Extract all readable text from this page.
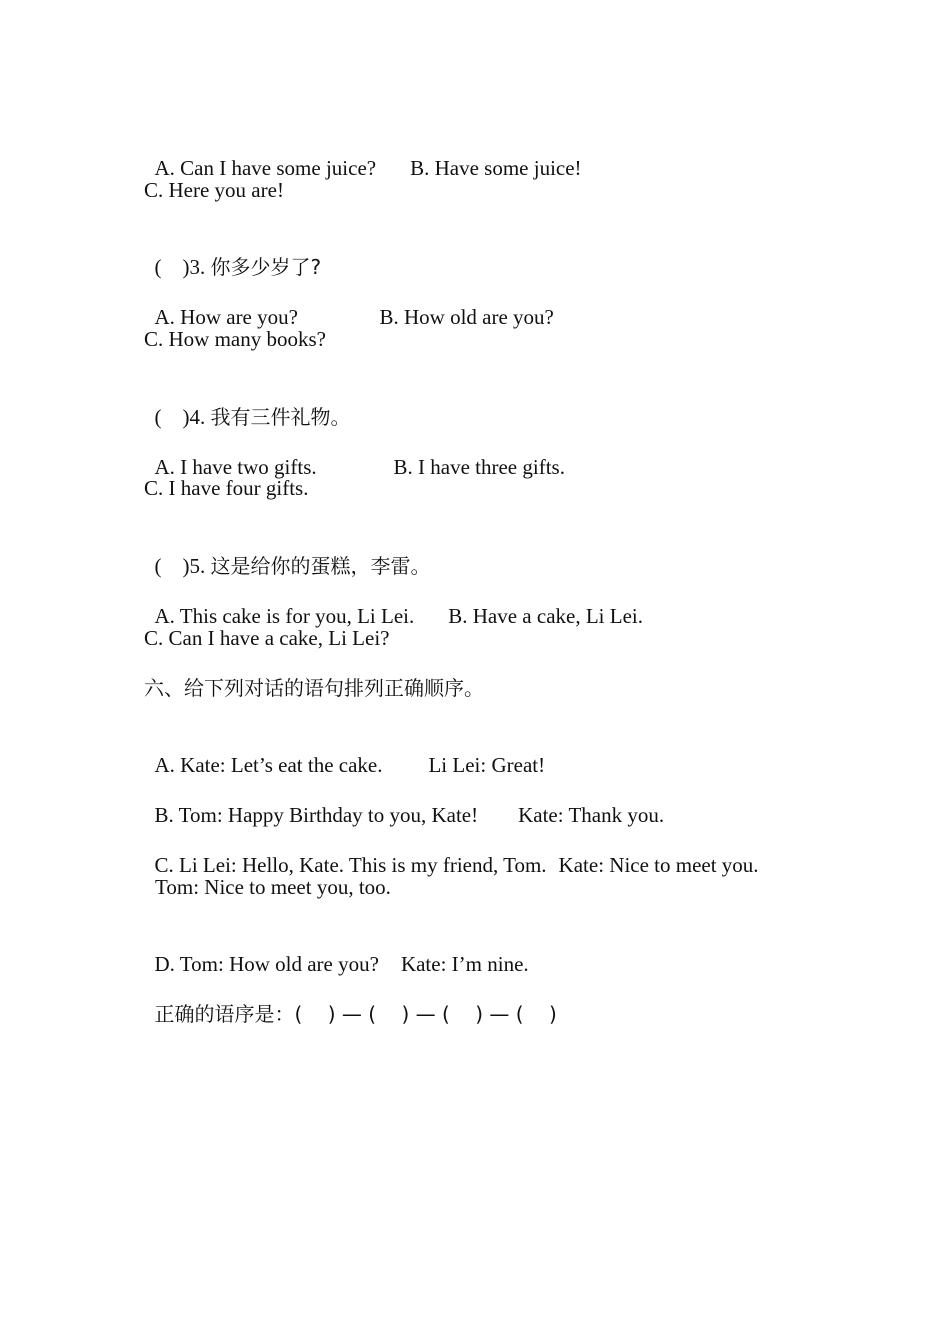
A. Can I have some juice? B. Have some juice!

C. Here you are!

(    )3. 你多少岁了?

A. How are you?	B. How old are you?

C. How many books?

(    )4. 我有三件礼物。

A. I have two gifts.	B. I have three gifts.

C. I have four gifts.

(    )5. 这是给你的蛋糕，李雷。

A. This cake is for you, Li Lei. B. Have a cake, Li Lei.

C. Can I have a cake, Li Lei?
六、给下列对话的语句排列正确顺序。

A. Kate: Let’s eat the cake. Li Lei: Great!

B. Tom: Happy Birthday to you, Kate! Kate: Thank you.

C. Li Lei: Hello, Kate. This is my friend, Tom. Kate: Nice to meet you.

Tom: Nice to meet you, too.

D. Tom: How old are you? Kate: I’m nine.

正确的语序是：(    ) — (    ) — (    ) — (    )
